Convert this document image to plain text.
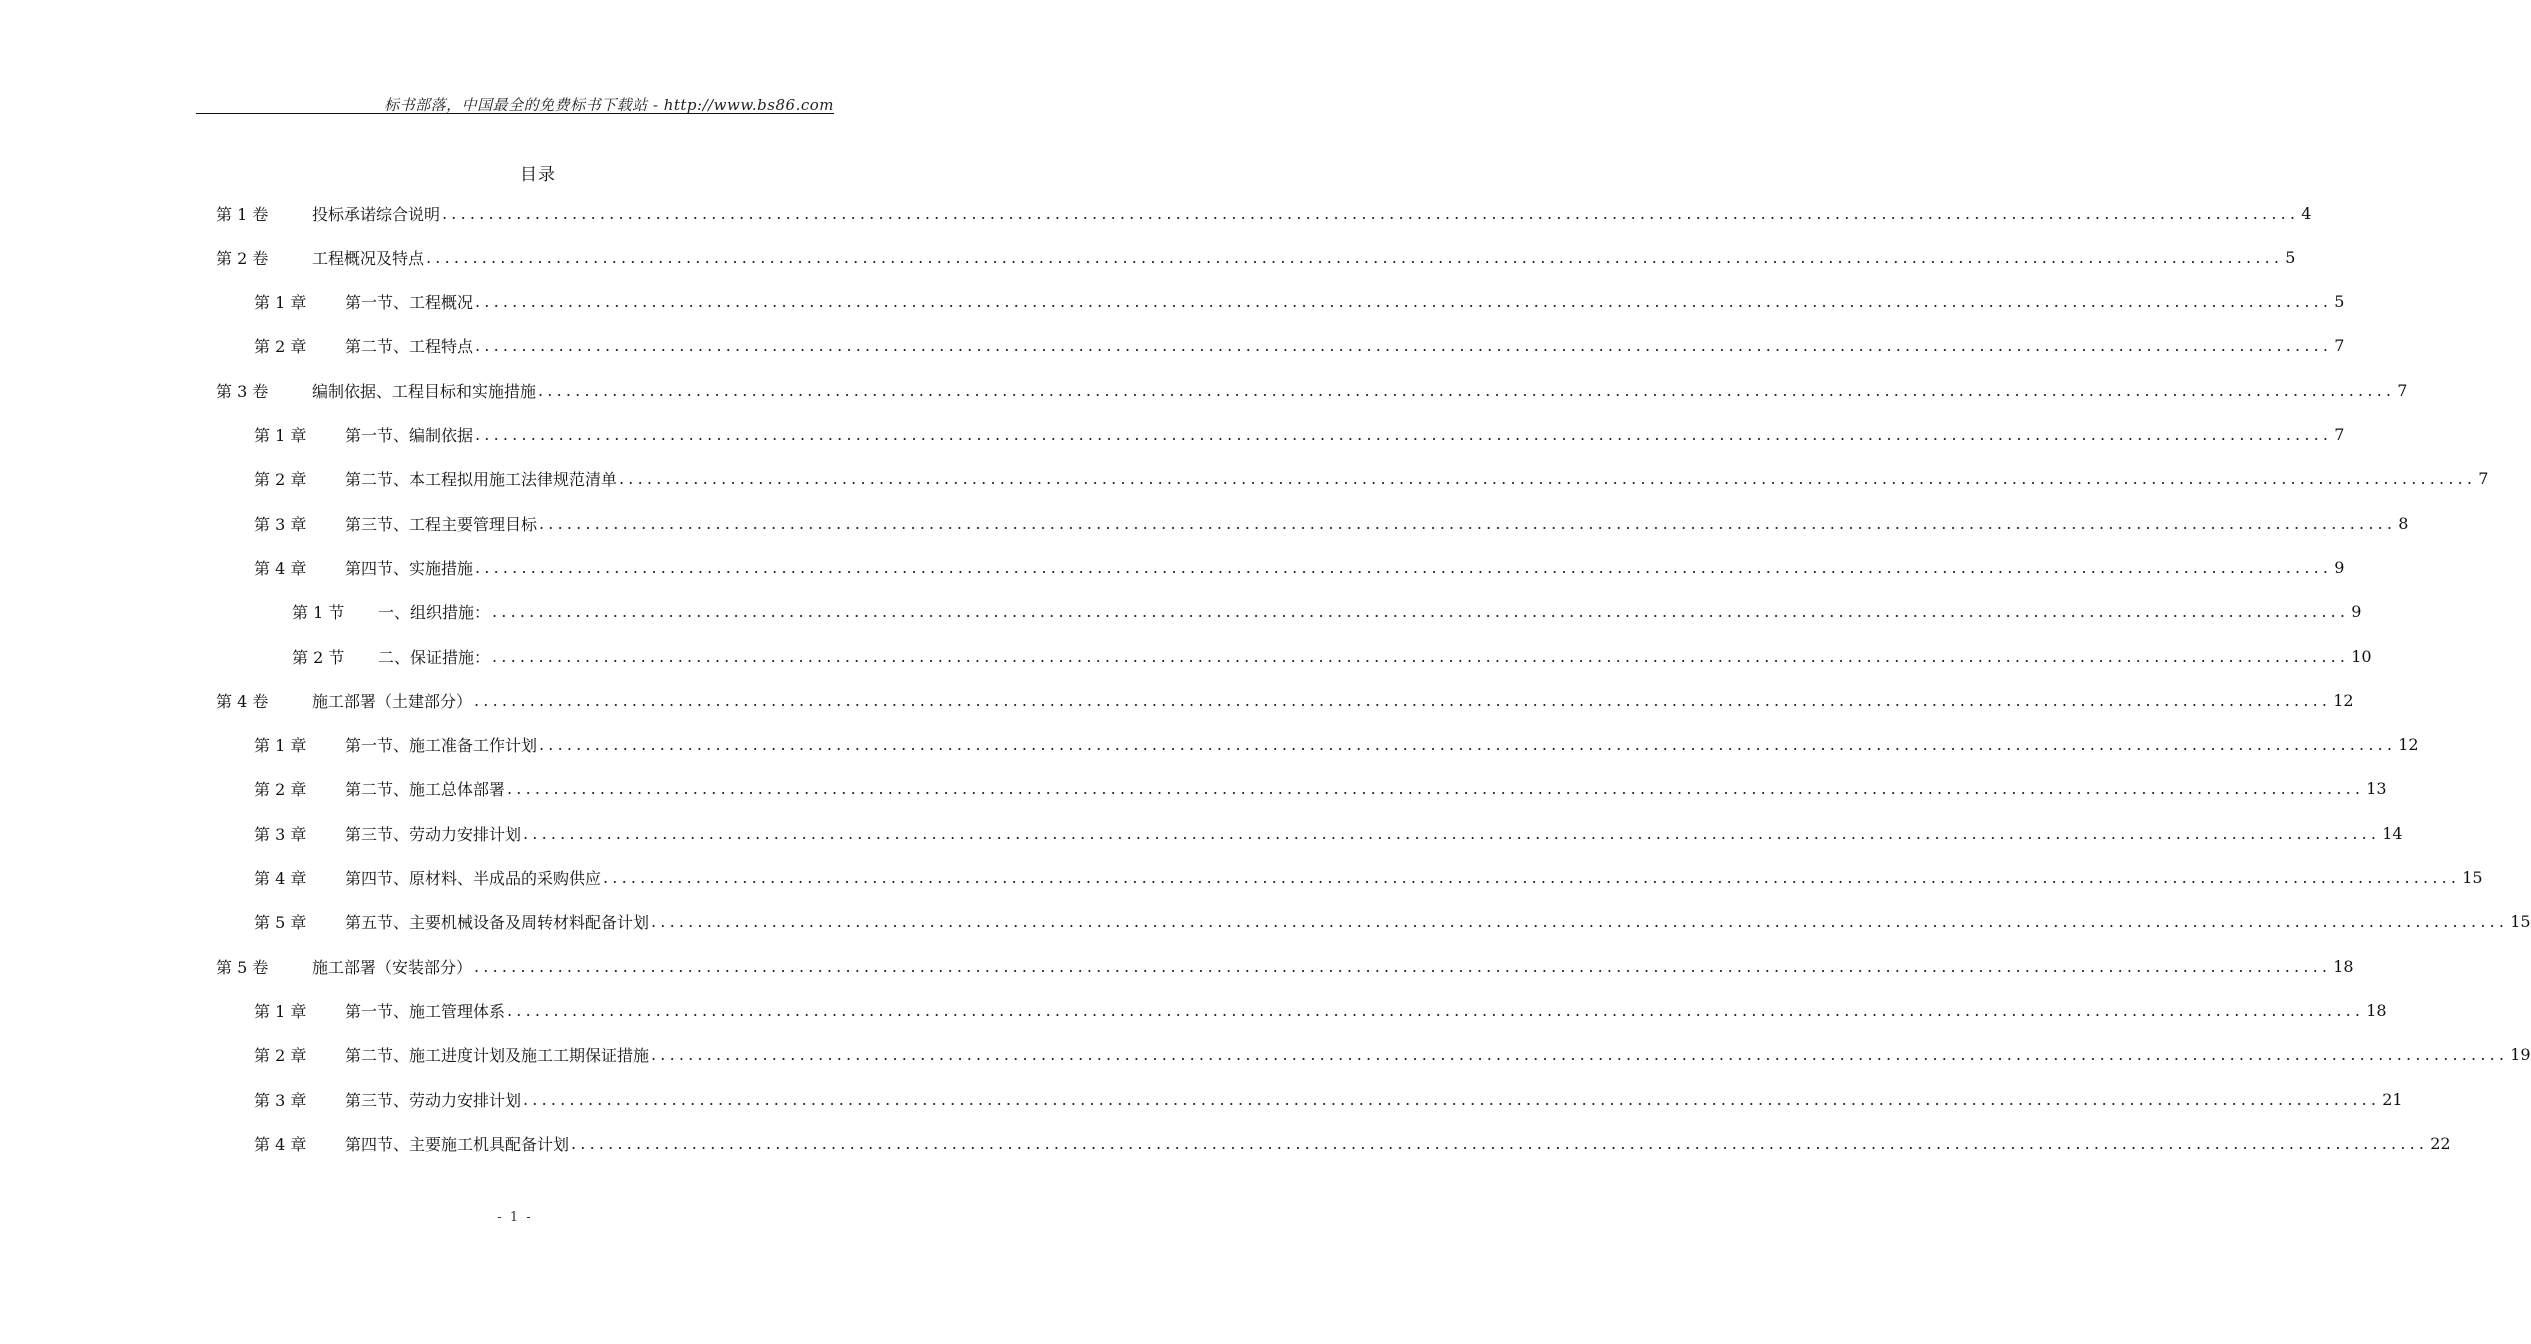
标书部落，中国最全的免费标书下载站 - http://www.bs86.com
目录
第 1 卷	投标承诺综合说明 ........................................................................................................................................................................................................ 4
第 2 卷	工程概况及特点 ........................................................................................................................................................................................................ 5
第 1 章	第一节、工程概况 ........................................................................................................................................................................................................ 5
第 2 章	第二节、工程特点 ........................................................................................................................................................................................................ 7
第 3 卷	编制依据、工程目标和实施措施 ........................................................................................................................................................................................................ 7
第 1 章	第一节、编制依据 ........................................................................................................................................................................................................ 7
第 2 章	第二节、本工程拟用施工法律规范清单 ........................................................................................................................................................................................................ 7
第 3 章	第三节、工程主要管理目标 ........................................................................................................................................................................................................ 8
第 4 章	第四节、实施措施 ........................................................................................................................................................................................................ 9
第 1 节	一、组织措施： ........................................................................................................................................................................................................ 9
第 2 节	二、保证措施： ........................................................................................................................................................................................................ 10
第 4 卷	施工部署（土建部分） ........................................................................................................................................................................................................ 12
第 1 章	第一节、施工准备工作计划 ........................................................................................................................................................................................................ 12
第 2 章	第二节、施工总体部署 ........................................................................................................................................................................................................ 13
第 3 章	第三节、劳动力安排计划 ........................................................................................................................................................................................................ 14
第 4 章	第四节、原材料、半成品的采购供应 ........................................................................................................................................................................................................ 15
第 5 章	第五节、主要机械设备及周转材料配备计划 ........................................................................................................................................................................................................ 15
第 5 卷	施工部署（安装部分） ........................................................................................................................................................................................................ 18
第 1 章	第一节、施工管理体系 ........................................................................................................................................................................................................ 18
第 2 章	第二节、施工进度计划及施工工期保证措施 ........................................................................................................................................................................................................ 19
第 3 章	第三节、劳动力安排计划 ........................................................................................................................................................................................................ 21
第 4 章	第四节、主要施工机具配备计划 ........................................................................................................................................................................................................ 22
- 1 -
